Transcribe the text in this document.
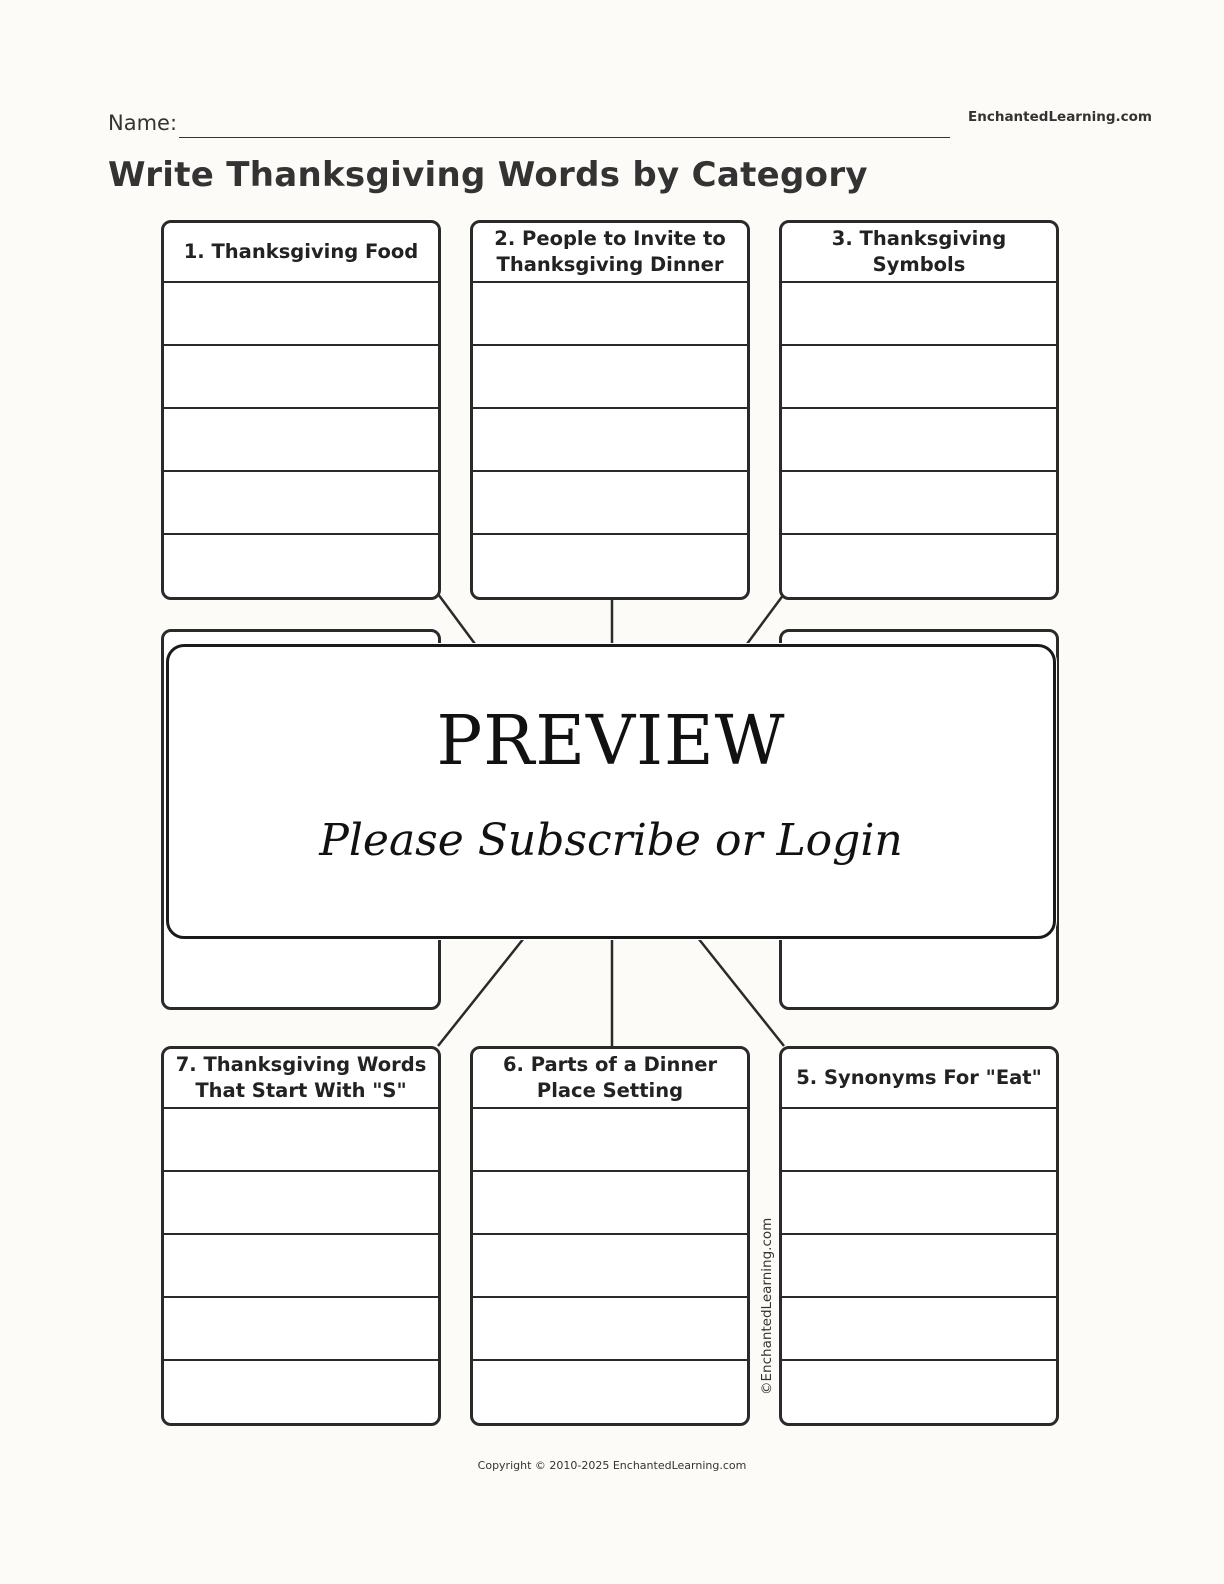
Name:	EnchantedLearning.com
Write Thanksgiving Words by Category
1. Thanksgiving Food
2. People to Invite to Thanksgiving Dinner
3. Thanksgiving Symbols
7. Thanksgiving Words That Start With "S"
6. Parts of a Dinner Place Setting
5. Synonyms For "Eat"
PREVIEW
Please Subscribe or Login
©EnchantedLearning.com
Copyright © 2010-2025 EnchantedLearning.com
